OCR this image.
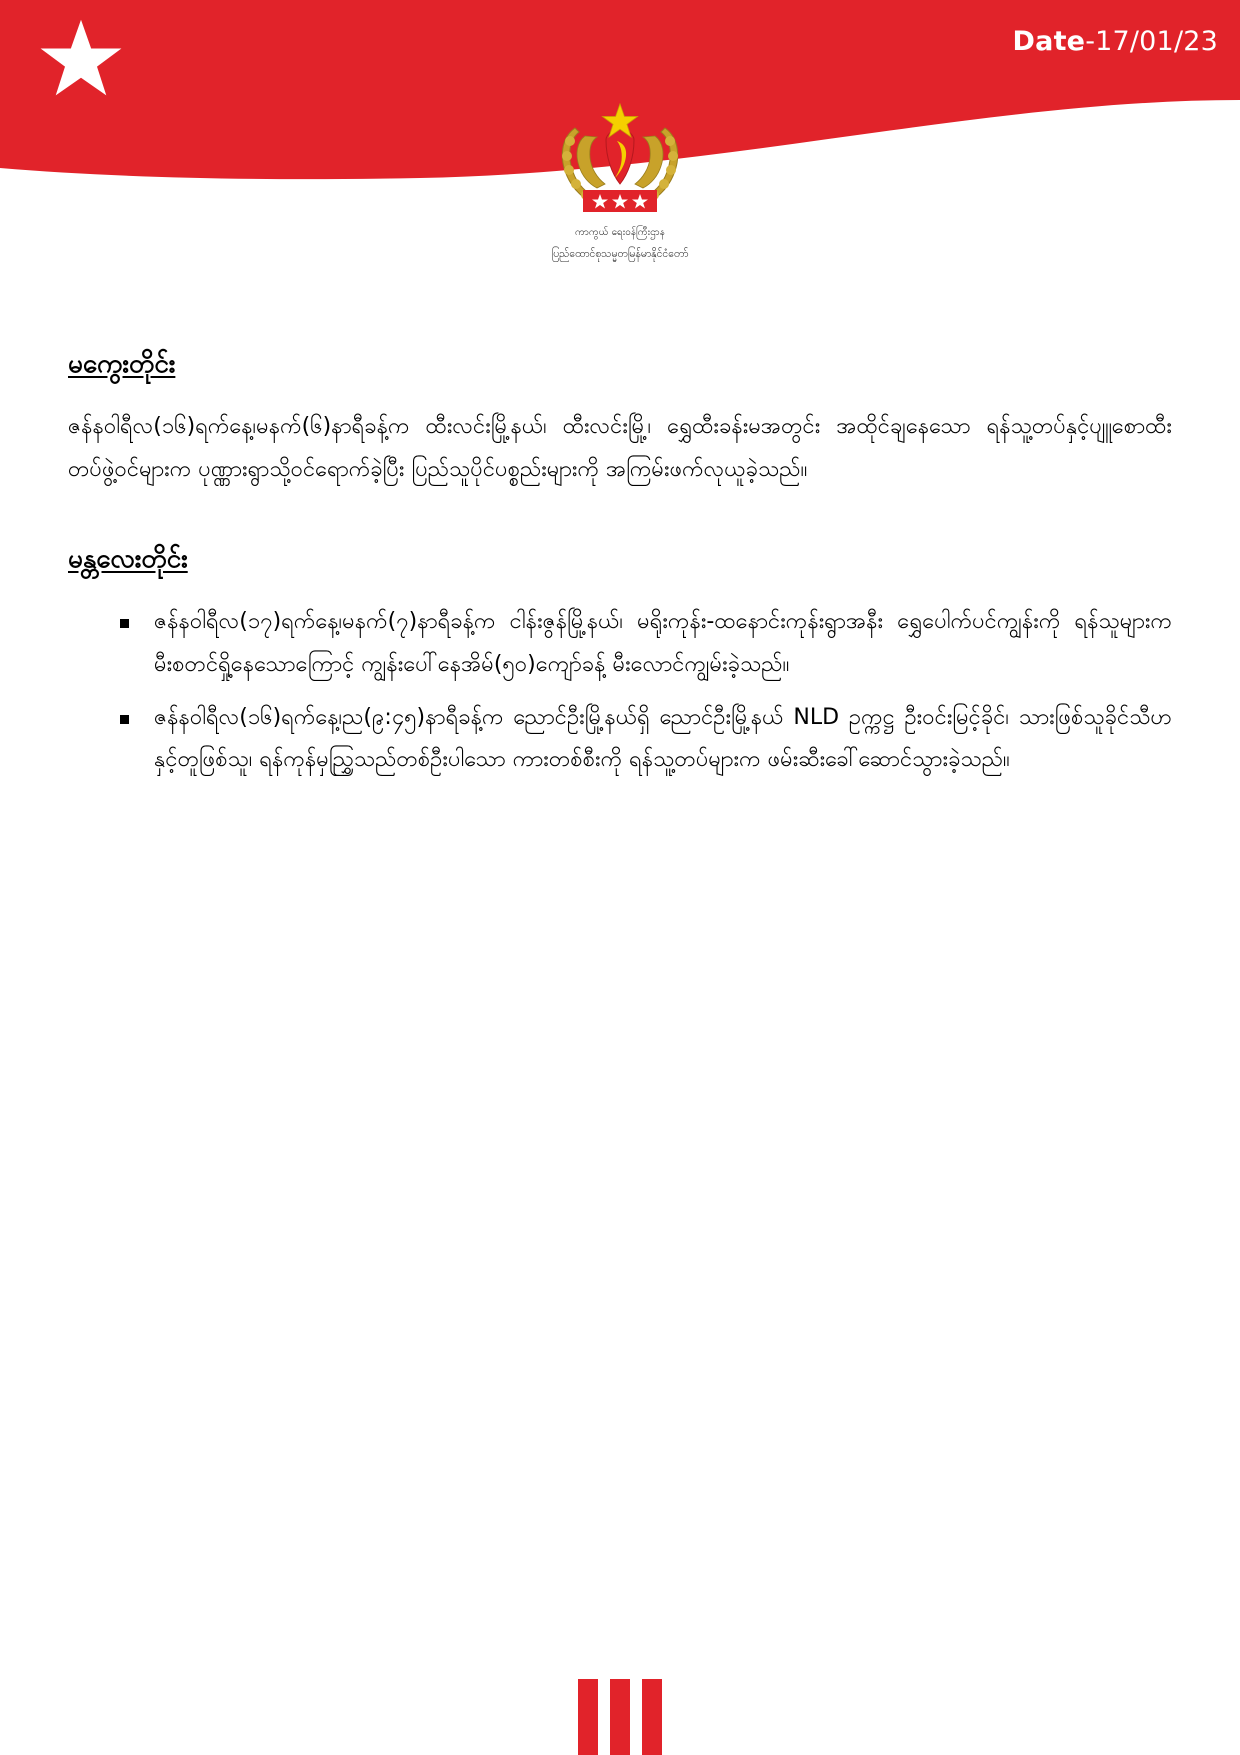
Date-17/01/23
ကာကွယ် ရေးဝန်ကြီးဌာန
ပြည်ထောင်စုသမ္မတမြန်မာနိုင်ငံတော်
မကွေးတိုင်း

ဇန်နဝါရီလ(၁၆)ရက်နေ့၊မနက်(၆)နာရီခန့်က ထီးလင်းမြို့နယ်၊ ထီးလင်းမြို့၊ ရွှေထီးခန်းမအတွင်း အထိုင်ချနေသော ရန်သူ့တပ်နှင့်ပျူစောထီးတပ်ဖွဲ့ဝင်များက ပုဏ္ဏားရွာသို့ဝင်ရောက်ခဲ့ပြီး ပြည်သူပိုင်ပစ္စည်းများကို အကြမ်းဖက်လုယူခဲ့သည်။

မန္တလေးတိုင်း
ဇန်နဝါရီလ(၁၇)ရက်နေ့၊မနက်(၇)နာရီခန့်က ငါန်းဇွန်မြို့နယ်၊ မရိုးကုန်း-ထနောင်းကုန်းရွာအနီး ရွှေပေါက်ပင်ကျွန်းကို ရန်သူများက မီးစတင်ရှို့နေသောကြောင့် ကျွန်းပေါ်နေအိမ်(၅၀)ကျော်ခန့် မီးလောင်ကျွမ်းခဲ့သည်။
ဇန်နဝါရီလ(၁၆)ရက်နေ့၊ည(၉:၄၅)နာရီခန့်က ညောင်ဦးမြို့နယ်ရှိ ညောင်ဦးမြို့နယ် NLD ဥက္ကဋ္ဌ ဦးဝင်းမြင့်ခိုင်၊ သားဖြစ်သူခိုင်သီဟနှင့်တူဖြစ်သူ၊ ရန်ကုန်မှညြွှသည်တစ်ဦးပါသော ကားတစ်စီးကို ရန်သူ့တပ်များက ဖမ်းဆီးခေါ်ဆောင်သွားခဲ့သည်။
